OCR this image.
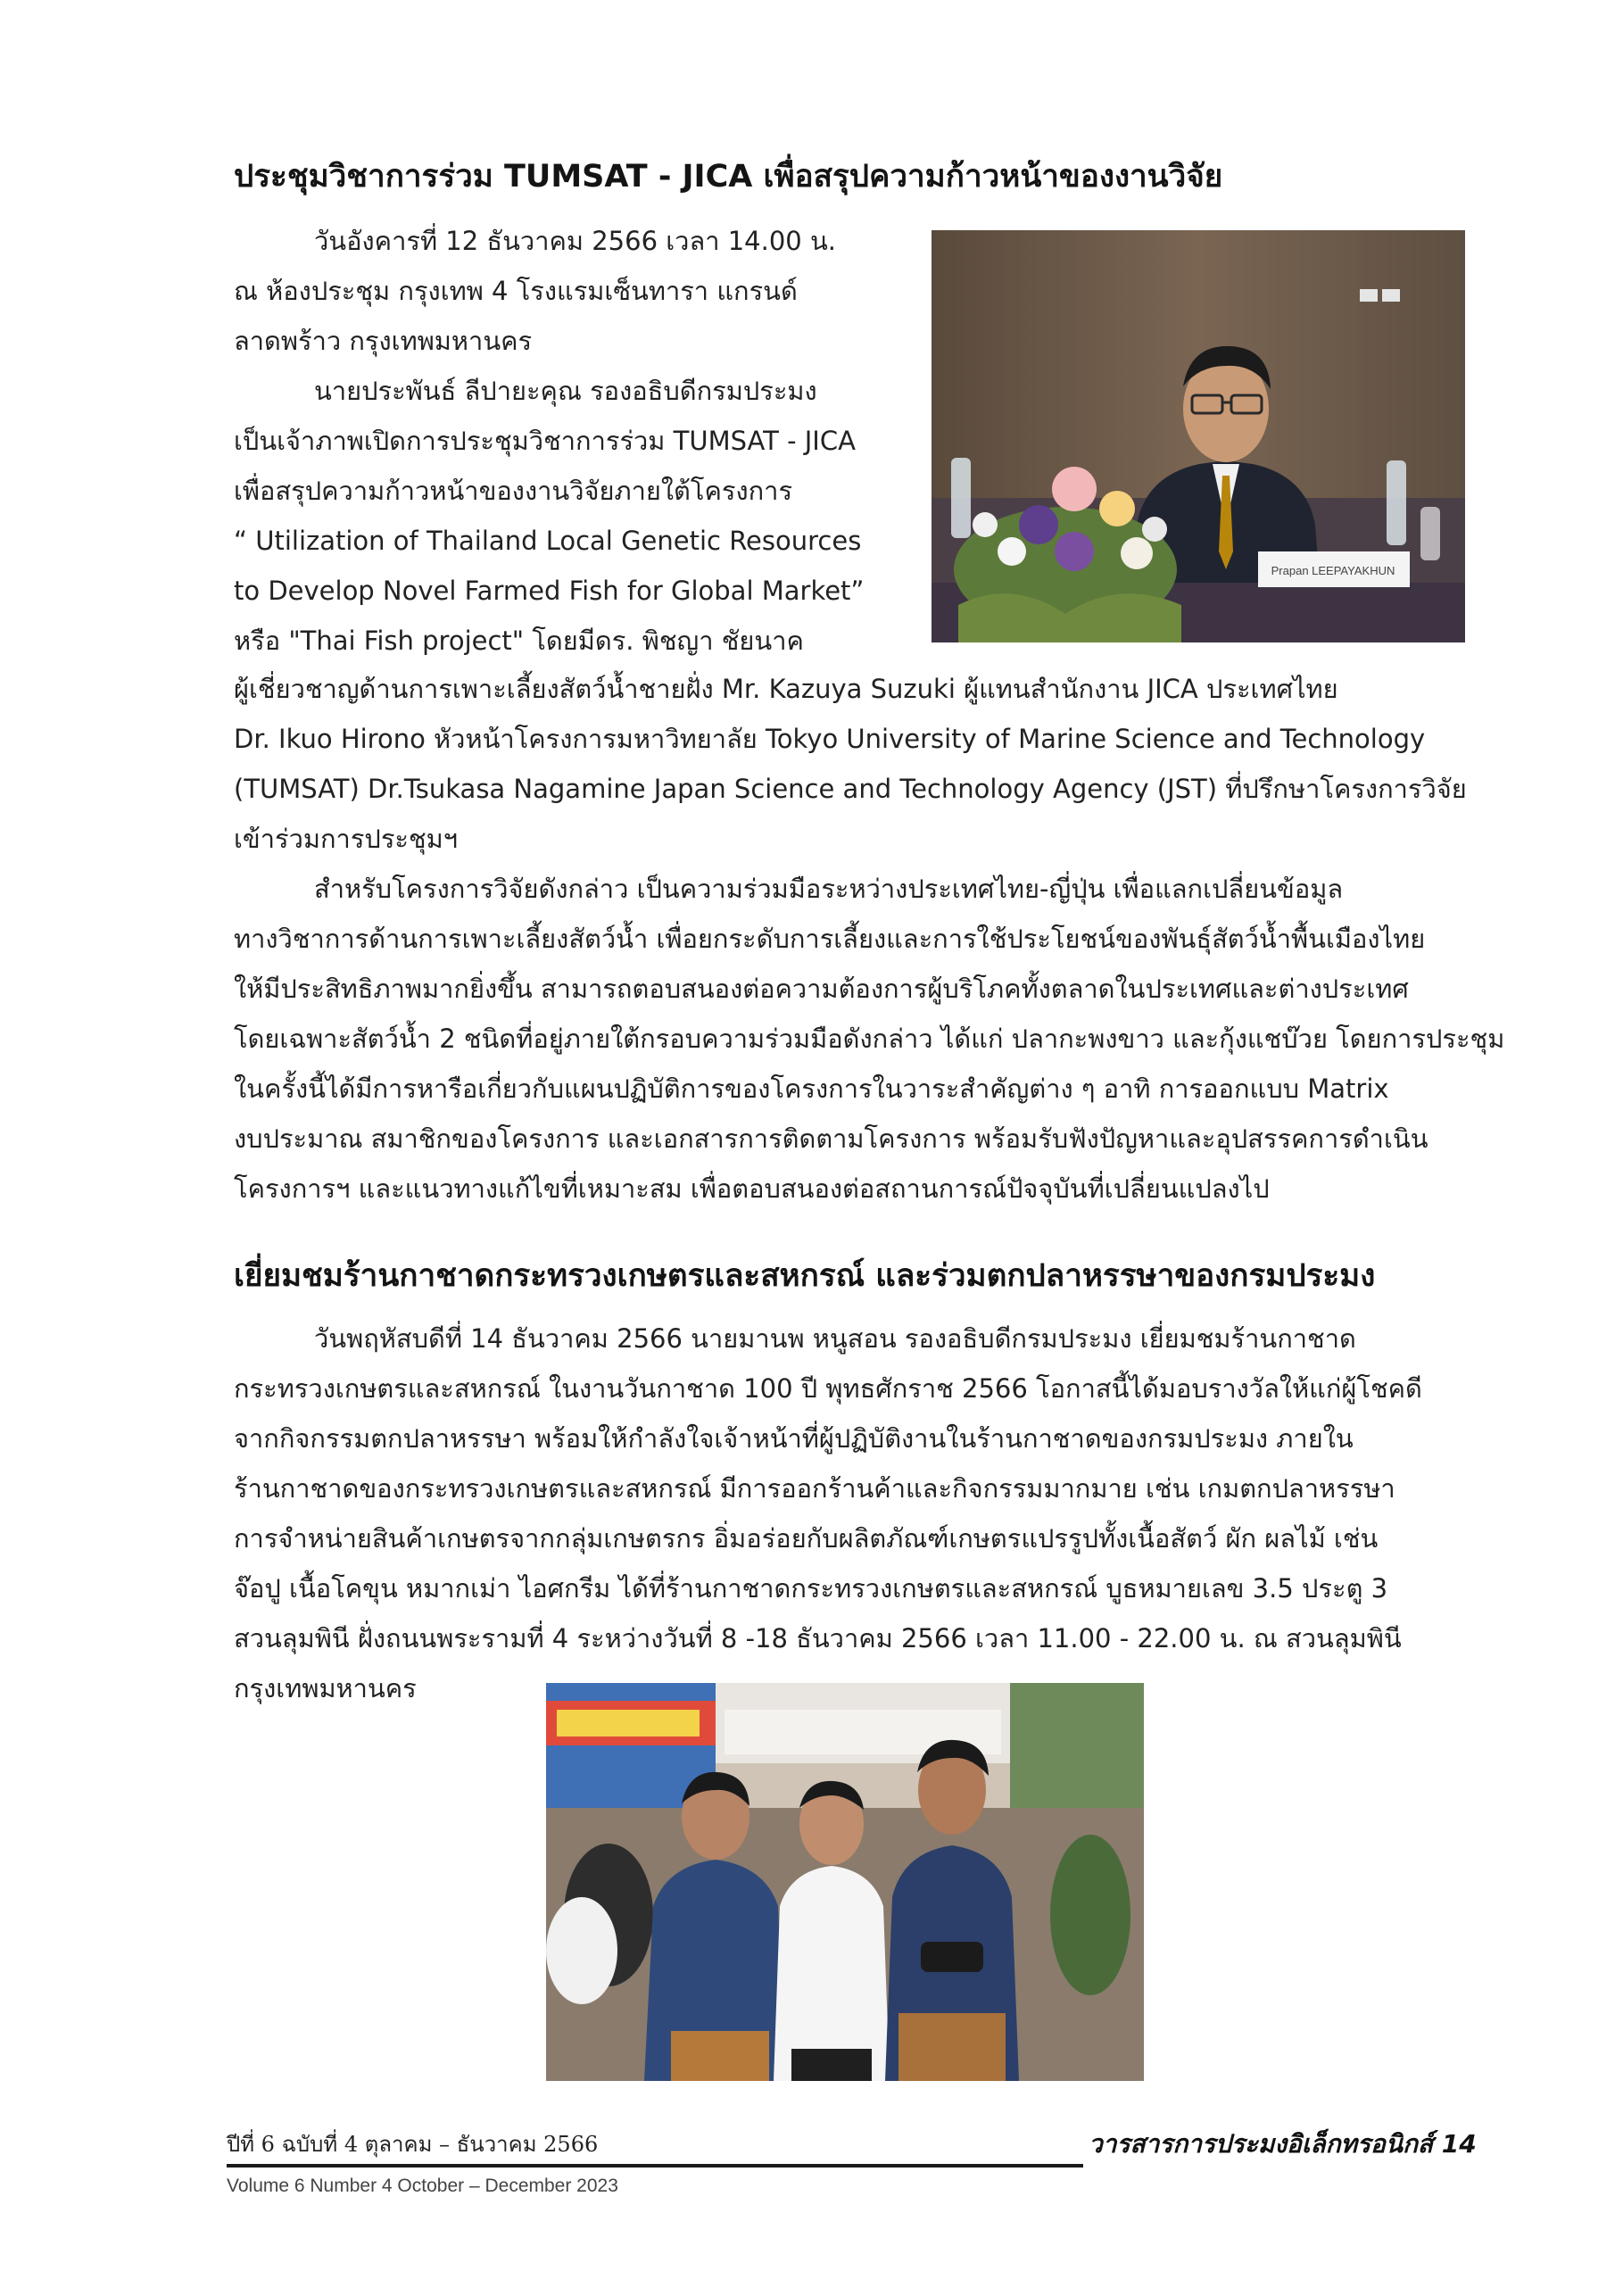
ประชุมวิชาการร่วม TUMSAT - JICA เพื่อสรุปความก้าวหน้าของงานวิจัย
วันอังคารที่ 12 ธันวาคม 2566 เวลา 14.00 น.
ณ ห้องประชุม กรุงเทพ 4 โรงแรมเซ็นทารา แกรนด์
ลาดพร้าว กรุงเทพมหานคร
นายประพันธ์ ลีปายะคุณ รองอธิบดีกรมประมง
เป็นเจ้าภาพเปิดการประชุมวิชาการร่วม TUMSAT - JICA
เพื่อสรุปความก้าวหน้าของงานวิจัยภายใต้โครงการ
“ Utilization of Thailand Local Genetic Resources
to Develop Novel Farmed Fish for Global Market”
หรือ "Thai Fish project" โดยมีดร. พิชญา ชัยนาค
Prapan LEEPAYAKHUN
ผู้เชี่ยวชาญด้านการเพาะเลี้ยงสัตว์น้ำชายฝั่ง Mr. Kazuya Suzuki ผู้แทนสำนักงาน JICA ประเทศไทย
Dr. Ikuo Hirono หัวหน้าโครงการมหาวิทยาลัย Tokyo University of Marine Science and Technology
(TUMSAT) Dr.Tsukasa Nagamine Japan Science and Technology Agency (JST) ที่ปรึกษาโครงการวิจัย
เข้าร่วมการประชุมฯ
สำหรับโครงการวิจัยดังกล่าว เป็นความร่วมมือระหว่างประเทศไทย-ญี่ปุ่น เพื่อแลกเปลี่ยนข้อมูล
ทางวิชาการด้านการเพาะเลี้ยงสัตว์น้ำ เพื่อยกระดับการเลี้ยงและการใช้ประโยชน์ของพันธุ์สัตว์น้ำพื้นเมืองไทย
ให้มีประสิทธิภาพมากยิ่งขึ้น สามารถตอบสนองต่อความต้องการผู้บริโภคทั้งตลาดในประเทศและต่างประเทศ
โดยเฉพาะสัตว์น้ำ 2 ชนิดที่อยู่ภายใต้กรอบความร่วมมือดังกล่าว ได้แก่ ปลากะพงขาว และกุ้งแชบ๊วย โดยการประชุม
ในครั้งนี้ได้มีการหารือเกี่ยวกับแผนปฏิบัติการของโครงการในวาระสำคัญต่าง ๆ อาทิ การออกแบบ Matrix
งบประมาณ สมาชิกของโครงการ และเอกสารการติดตามโครงการ พร้อมรับฟังปัญหาและอุปสรรคการดำเนิน
โครงการฯ และแนวทางแก้ไขที่เหมาะสม เพื่อตอบสนองต่อสถานการณ์ปัจจุบันที่เปลี่ยนแปลงไป
เยี่ยมชมร้านกาชาดกระทรวงเกษตรและสหกรณ์ และร่วมตกปลาหรรษาของกรมประมง
วันพฤหัสบดีที่ 14 ธันวาคม 2566 นายมานพ หนูสอน รองอธิบดีกรมประมง เยี่ยมชมร้านกาชาด
กระทรวงเกษตรและสหกรณ์ ในงานวันกาชาด 100 ปี พุทธศักราช 2566 โอกาสนี้ได้มอบรางวัลให้แก่ผู้โชคดี
จากกิจกรรมตกปลาหรรษา พร้อมให้กำลังใจเจ้าหน้าที่ผู้ปฏิบัติงานในร้านกาชาดของกรมประมง ภายใน
ร้านกาชาดของกระทรวงเกษตรและสหกรณ์ มีการออกร้านค้าและกิจกรรมมากมาย เช่น เกมตกปลาหรรษา
การจำหน่ายสินค้าเกษตรจากกลุ่มเกษตรกร อิ่มอร่อยกับผลิตภัณฑ์เกษตรแปรรูปทั้งเนื้อสัตว์ ผัก ผลไม้ เช่น
จ๊อปู เนื้อโคขุน หมากเม่า ไอศกรีม ได้ที่ร้านกาชาดกระทรวงเกษตรและสหกรณ์ บูธหมายเลข 3.5 ประตู 3
สวนลุมพินี ฝั่งถนนพระรามที่ 4 ระหว่างวันที่ 8 -18 ธันวาคม 2566 เวลา 11.00 - 22.00 น. ณ สวนลุมพินี
กรุงเทพมหานคร
ปีที่ 6 ฉบับที่ 4 ตุลาคม – ธันวาคม 2566	วารสารการประมงอิเล็กทรอนิกส์ 14
Volume 6 Number 4 October – December 2023
